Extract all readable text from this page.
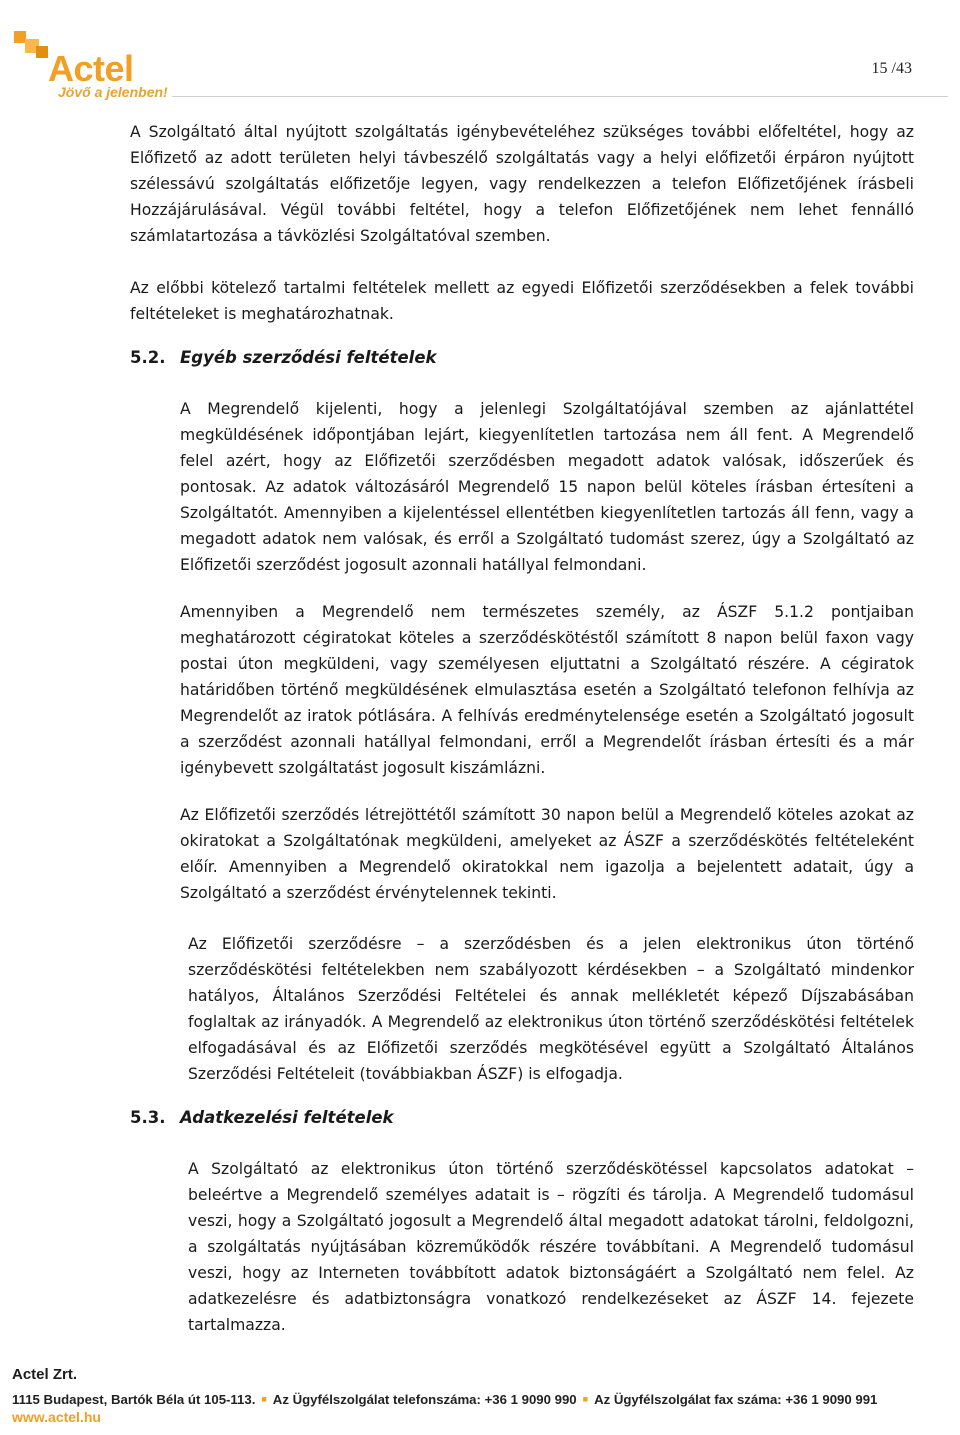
Actel
Jövő a jelenben!
15 /43

A Szolgáltató által nyújtott szolgáltatás igénybevételéhez szükséges további előfeltétel, hogy az Előfizető az adott területen helyi távbeszélő szolgáltatás vagy a helyi előfizetői érpáron nyújtott szélessávú szolgáltatás előfizetője legyen, vagy rendelkezzen a telefon Előfizetőjének írásbeli Hozzájárulásával. Végül további feltétel, hogy a telefon Előfizetőjének nem lehet fennálló számlatartozása a távközlési Szolgáltatóval szemben.

Az előbbi kötelező tartalmi feltételek mellett az egyedi Előfizetői szerződésekben a felek további feltételeket is meghatározhatnak.

5.2. Egyéb szerződési feltételek

A Megrendelő kijelenti, hogy a jelenlegi Szolgáltatójával szemben az ajánlattétel megküldésének időpontjában lejárt, kiegyenlítetlen tartozása nem áll fent. A Megrendelő felel azért, hogy az Előfizetői szerződésben megadott adatok valósak, időszerűek és pontosak. Az adatok változásáról Megrendelő 15 napon belül köteles írásban értesíteni a Szolgáltatót. Amennyiben a kijelentéssel ellentétben kiegyenlítetlen tartozás áll fenn, vagy a megadott adatok nem valósak, és erről a Szolgáltató tudomást szerez, úgy a Szolgáltató az Előfizetői szerződést jogosult azonnali hatállyal felmondani.

Amennyiben a Megrendelő nem természetes személy, az ÁSZF 5.1.2 pontjaiban meghatározott cégiratokat köteles a szerződéskötéstől számított 8 napon belül faxon vagy postai úton megküldeni, vagy személyesen eljuttatni a Szolgáltató részére. A cégiratok határidőben történő megküldésének elmulasztása esetén a Szolgáltató telefonon felhívja az Megrendelőt az iratok pótlására. A felhívás eredménytelensége esetén a Szolgáltató jogosult a szerződést azonnali hatállyal felmondani, erről a Megrendelőt írásban értesíti és a már igénybevett szolgáltatást jogosult kiszámlázni.

Az Előfizetői szerződés létrejöttétől számított 30 napon belül a Megrendelő köteles azokat az okiratokat a Szolgáltatónak megküldeni, amelyeket az ÁSZF a szerződéskötés feltételeként előír. Amennyiben a Megrendelő okiratokkal nem igazolja a bejelentett adatait, úgy a Szolgáltató a szerződést érvénytelennek tekinti.

Az Előfizetői szerződésre – a szerződésben és a jelen elektronikus úton történő szerződéskötési feltételekben nem szabályozott kérdésekben – a Szolgáltató mindenkor hatályos, Általános Szerződési Feltételei és annak mellékletét képező Díjszabásában foglaltak az irányadók. A Megrendelő az elektronikus úton történő szerződéskötési feltételek elfogadásával és az Előfizetői szerződés megkötésével együtt a Szolgáltató Általános Szerződési Feltételeit (továbbiakban ÁSZF) is elfogadja.

5.3. Adatkezelési feltételek

A Szolgáltató az elektronikus úton történő szerződéskötéssel kapcsolatos adatokat – beleértve a Megrendelő személyes adatait is – rögzíti és tárolja. A Megrendelő tudomásul veszi, hogy a Szolgáltató jogosult a Megrendelő által megadott adatokat tárolni, feldolgozni, a szolgáltatás nyújtásában közreműködők részére továbbítani. A Megrendelő tudomásul veszi, hogy az Interneten továbbított adatok biztonságáért a Szolgáltató nem felel. Az adatkezelésre és adatbiztonságra vonatkozó rendelkezéseket az ÁSZF 14. fejezete tartalmazza.

Actel Zrt.
1115 Budapest, Bartók Béla út 105-113. ■ Az Ügyfélszolgálat telefonszáma: +36 1 9090 990 ■ Az Ügyfélszolgálat fax száma: +36 1 9090 991
www.actel.hu
